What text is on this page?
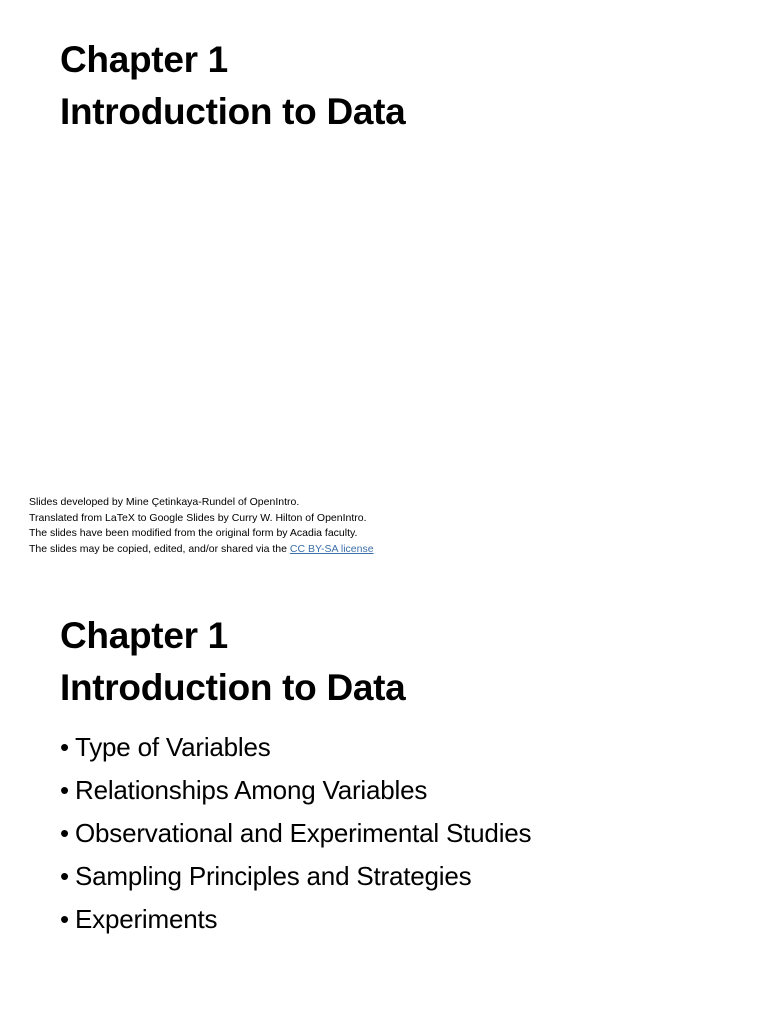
Chapter 1
Introduction to Data
Slides developed by Mine Çetinkaya-Rundel of OpenIntro.
Translated from LaTeX to Google Slides by Curry W. Hilton of OpenIntro.
The slides have been modified from the original form by Acadia faculty.
The slides may be copied, edited, and/or shared via the CC BY-SA license
Chapter 1
Introduction to Data
• Type of Variables
• Relationships Among Variables
• Observational and Experimental Studies
• Sampling Principles and Strategies
• Experiments
